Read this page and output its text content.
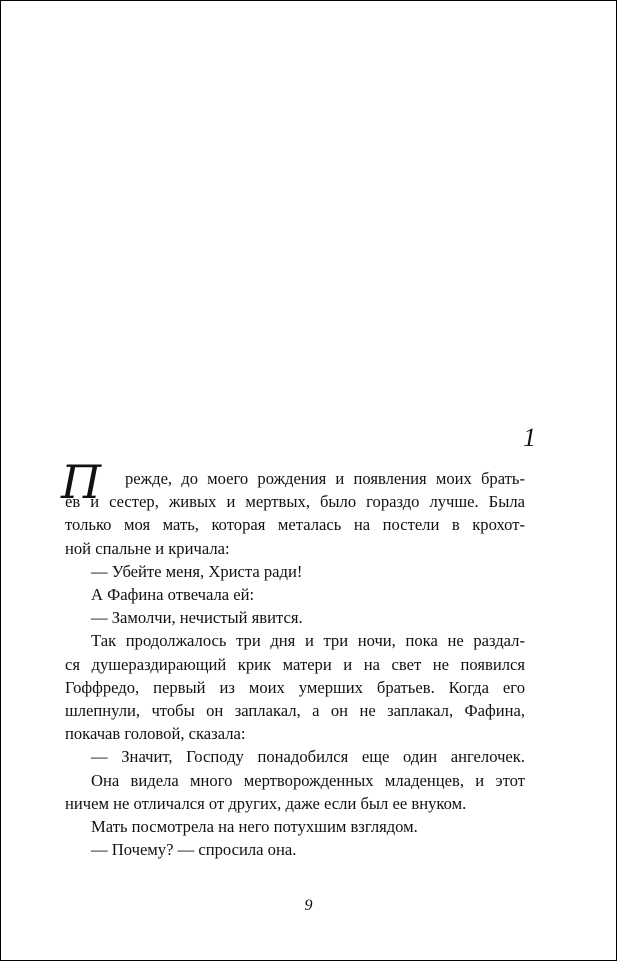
1

П режде, до моего рождения и появления моих брать-

ев и сестер, живых и мертвых, было гораздо лучше. Была
только моя мать, которая металась на постели в крохот-
ной спальне и кричала:
— Убейте меня, Христа ради!
А Фафина отвечала ей:
— Замолчи, нечистый явится.
Так продолжалось три дня и три ночи, пока не раздал-
ся душераздирающий крик матери и на свет не появился
Гоффредо, первый из моих умерших братьев. Когда его
шлепнули, чтобы он заплакал, а он не заплакал, Фафина,
покачав головой, сказала:
— Значит, Господу понадобился еще один ангелочек.
Она видела много мертворожденных младенцев, и этот
ничем не отличался от других, даже если был ее внуком.
Мать посмотрела на него потухшим взглядом.
— Почему? — спросила она.
9
